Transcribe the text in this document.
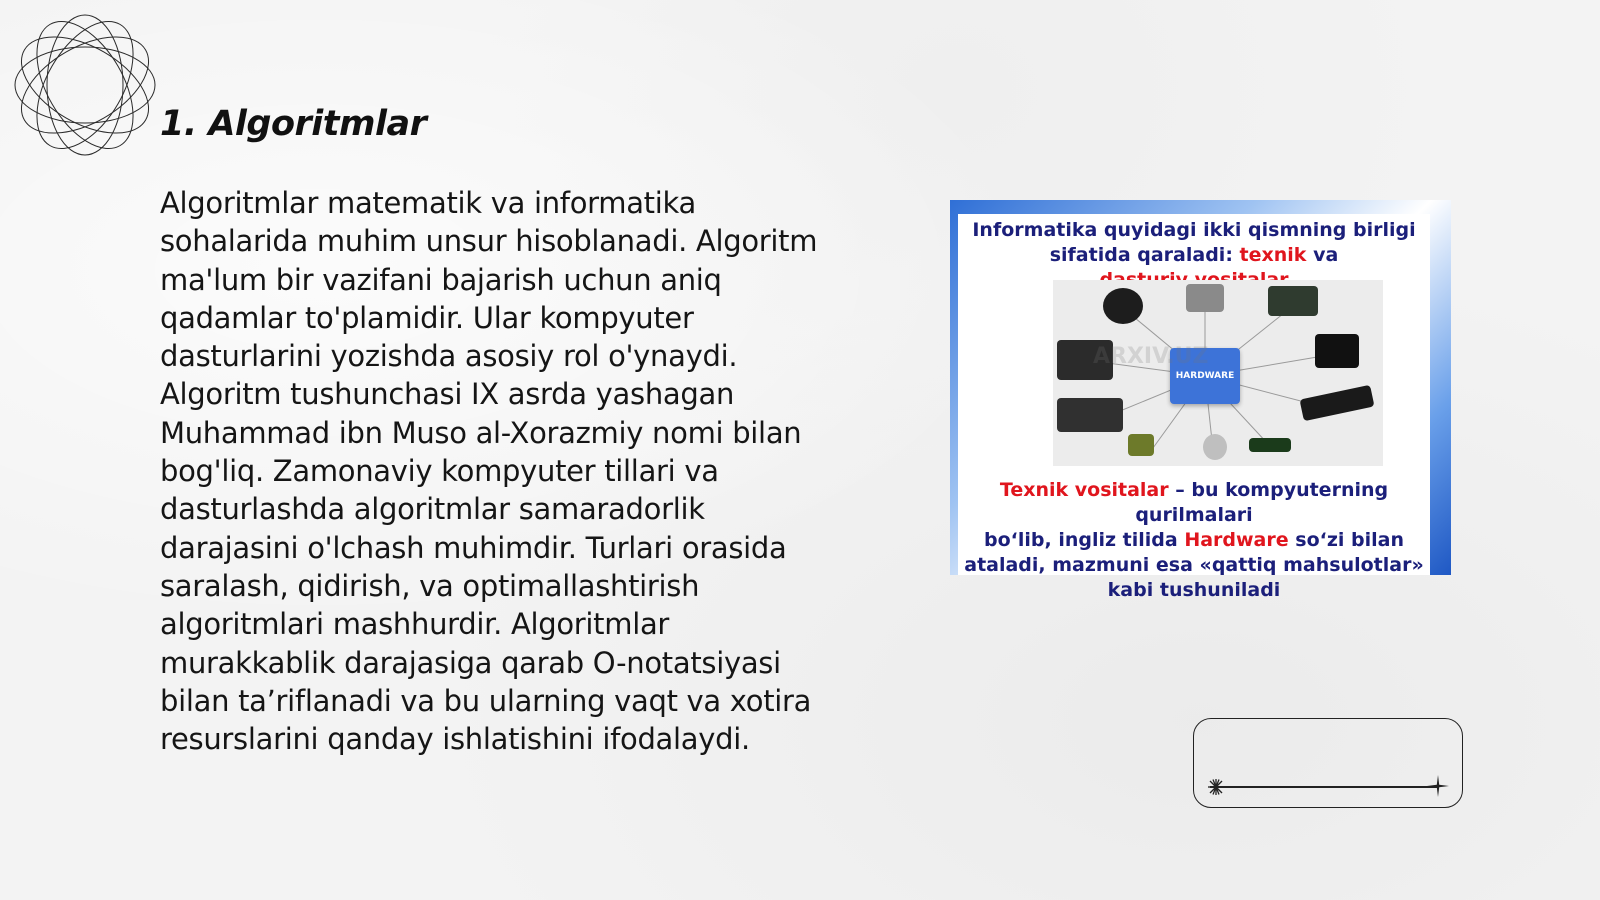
1. Algoritmlar

Algoritmlar matematik va informatika sohalarida muhim unsur hisoblanadi. Algoritm ma'lum bir vazifani bajarish uchun aniq qadamlar to'plamidir. Ular kompyuter dasturlarini yozishda asosiy rol o'ynaydi. Algoritm tushunchasi IX asrda yashagan Muhammad ibn Muso al-Xorazmiy nomi bilan bog'liq. Zamonaviy kompyuter tillari va dasturlashda algoritmlar samaradorlik darajasini o'lchash muhimdir. Turlari orasida saralash, qidirish, va optimallashtirish algoritmlari mashhurdir. Algoritmlar murakkablik darajasiga qarab O-notatsiyasi bilan ta’riflanadi va bu ularning vaqt va xotira resurslarini qanday ishlatishini ifodalaydi.

Informatika quyidagi ikki qismning birligi sifatida qaraladi: texnik va

HARDWARE
ARXIV.UZ
Texnik vositalar – bu kompyuterning qurilmalari
bo‘lib, ingliz tilida Hardware so‘zi bilan ataladi, mazmuni esa «qattiq mahsulotlar» kabi tushuniladi
